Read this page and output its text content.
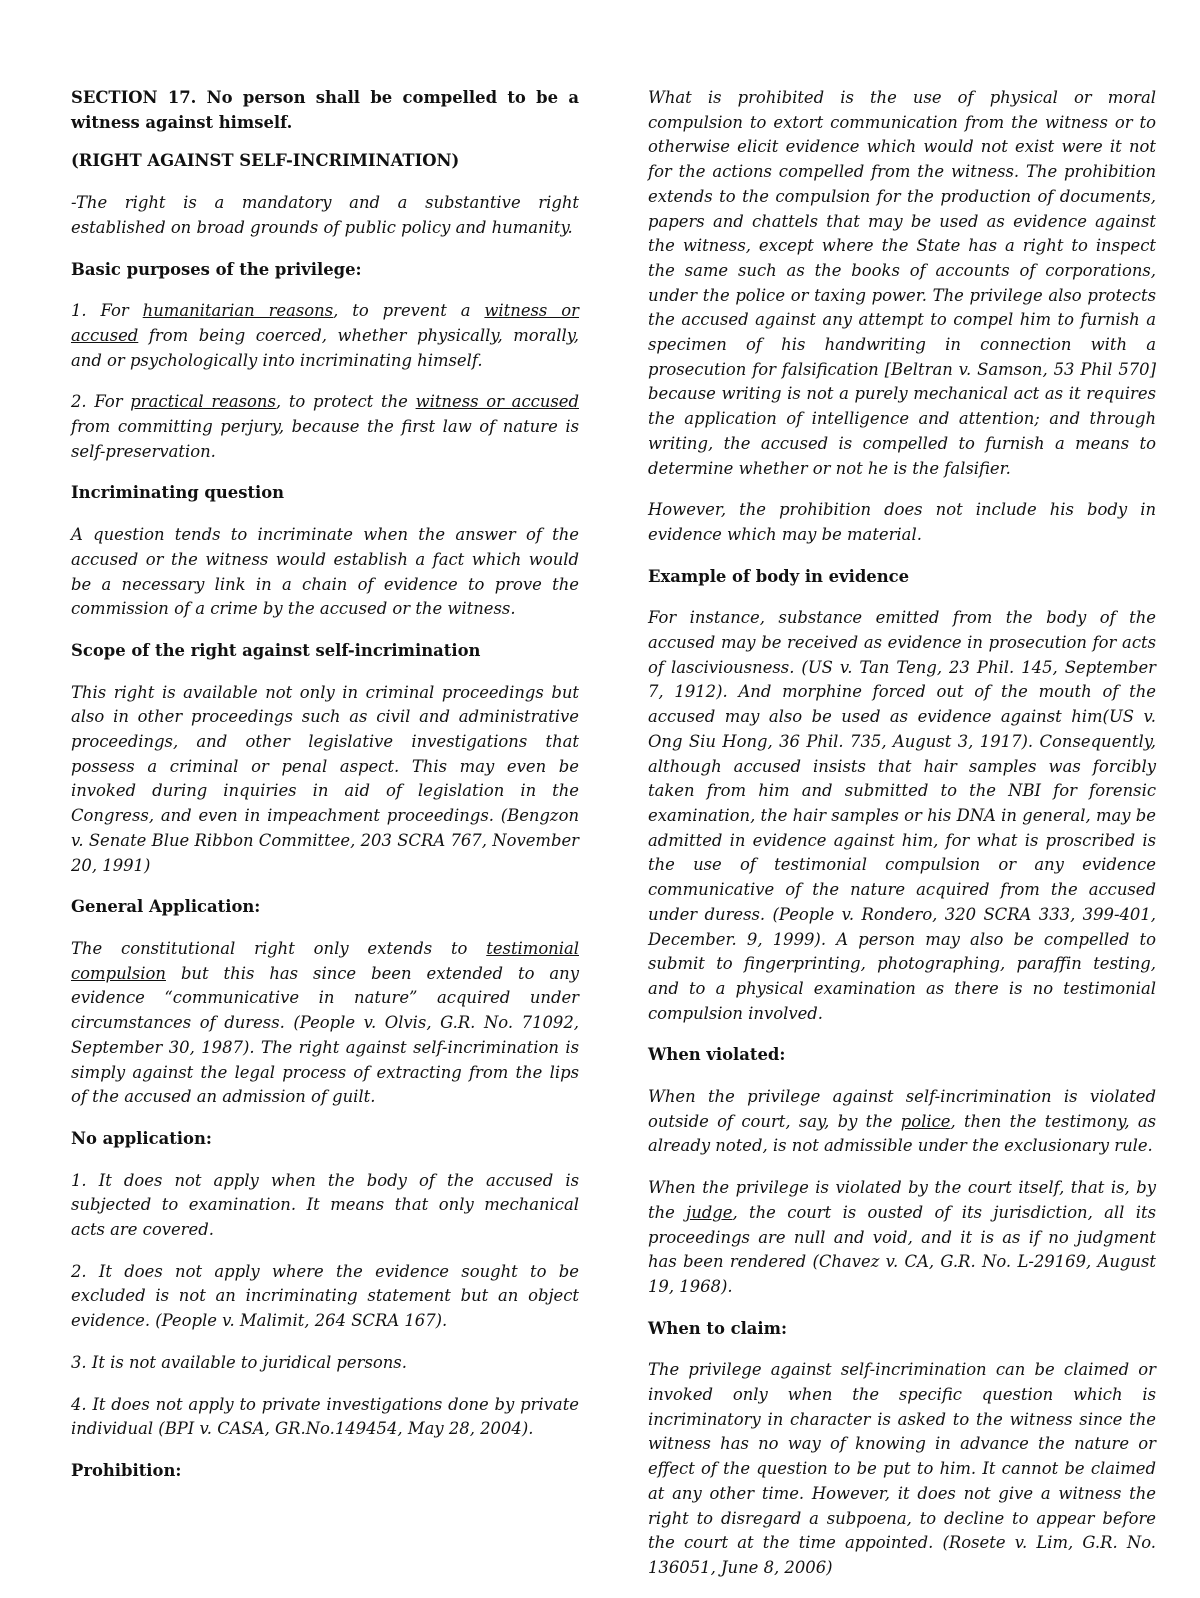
SECTION 17. No person shall be compelled to be a witness against himself.

(RIGHT AGAINST SELF-INCRIMINATION)

-The right is a mandatory and a substantive right established on broad grounds of public policy and humanity.

Basic purposes of the privilege:

1. For humanitarian reasons, to prevent a witness or accused from being coerced, whether physically, morally, and or psychologically into incriminating himself.

2. For practical reasons, to protect the witness or accused from committing perjury, because the first law of nature is self-preservation.

Incriminating question

A question tends to incriminate when the answer of the accused or the witness would establish a fact which would be a necessary link in a chain of evidence to prove the commission of a crime by the accused or the witness.

Scope of the right against self-incrimination

This right is available not only in criminal proceedings but also in other proceedings such as civil and administrative proceedings, and other legislative investigations that possess a criminal or penal aspect. This may even be invoked during inquiries in aid of legislation in the Congress, and even in impeachment proceedings. (Bengzon v. Senate Blue Ribbon Committee, 203 SCRA 767, November 20, 1991)

General Application:

The constitutional right only extends to testimonial compulsion but this has since been extended to any evidence “communicative in nature” acquired under circumstances of duress. (People v. Olvis, G.R. No. 71092, September 30, 1987). The right against self-incrimination is simply against the legal process of extracting from the lips of the accused an admission of guilt.

No application:

1. It does not apply when the body of the accused is subjected to examination. It means that only mechanical acts are covered.

2. It does not apply where the evidence sought to be excluded is not an incriminating statement but an object evidence. (People v. Malimit, 264 SCRA 167).

3. It is not available to juridical persons.

4. It does not apply to private investigations done by private individual (BPI v. CASA, GR.No.149454, May 28, 2004).

Prohibition:

What is prohibited is the use of physical or moral compulsion to extort communication from the witness or to otherwise elicit evidence which would not exist were it not for the actions compelled from the witness. The prohibition extends to the compulsion for the production of documents, papers and chattels that may be used as evidence against the witness, except where the State has a right to inspect the same such as the books of accounts of corporations, under the police or taxing power. The privilege also protects the accused against any attempt to compel him to furnish a specimen of his handwriting in connection with a prosecution for falsification [Beltran v. Samson, 53 Phil 570] because writing is not a purely mechanical act as it requires the application of intelligence and attention; and through writing, the accused is compelled to furnish a means to determine whether or not he is the falsifier.

However, the prohibition does not include his body in evidence which may be material.

Example of body in evidence

For instance, substance emitted from the body of the accused may be received as evidence in prosecution for acts of lasciviousness. (US v. Tan Teng, 23 Phil. 145, September 7, 1912). And morphine forced out of the mouth of the accused may also be used as evidence against him(US v. Ong Siu Hong, 36 Phil. 735, August 3, 1917). Consequently, although accused insists that hair samples was forcibly taken from him and submitted to the NBI for forensic examination, the hair samples or his DNA in general, may be admitted in evidence against him, for what is proscribed is the use of testimonial compulsion or any evidence communicative of the nature acquired from the accused under duress. (People v. Rondero, 320 SCRA 333, 399-401, December. 9, 1999). A person may also be compelled to submit to fingerprinting, photographing, paraffin testing, and to a physical examination as there is no testimonial compulsion involved.

When violated:

When the privilege against self-incrimination is violated outside of court, say, by the police, then the testimony, as already noted, is not admissible under the exclusionary rule.

When the privilege is violated by the court itself, that is, by the judge, the court is ousted of its jurisdiction, all its proceedings are null and void, and it is as if no judgment has been rendered (Chavez v. CA, G.R. No. L-29169, August 19, 1968).

When to claim:

The privilege against self-incrimination can be claimed or invoked only when the specific question which is incriminatory in character is asked to the witness since the witness has no way of knowing in advance the nature or effect of the question to be put to him. It cannot be claimed at any other time. However, it does not give a witness the right to disregard a subpoena, to decline to appear before the court at the time appointed. (Rosete v. Lim, G.R. No. 136051, June 8, 2006)
